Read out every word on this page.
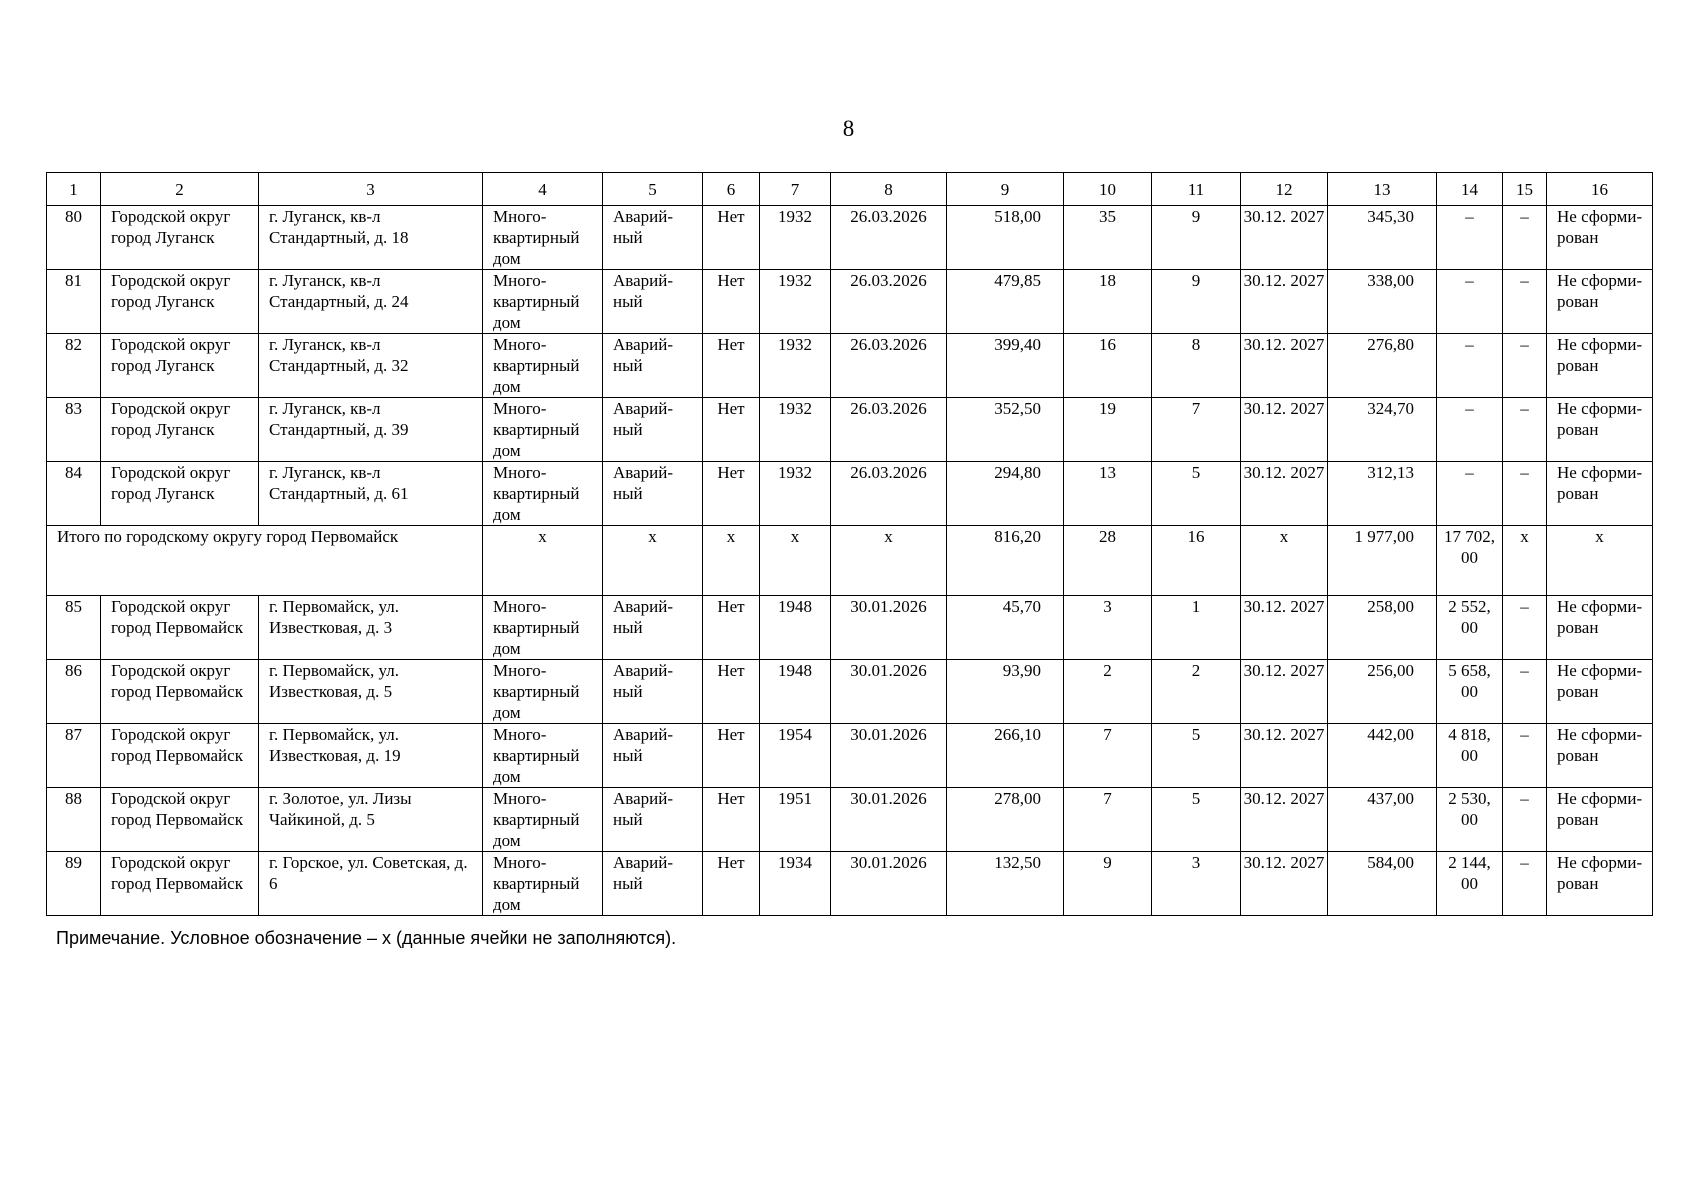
8
1	2	3	4	5	6	7	8	9	10	11	12	13	14	15	16
80	Городской округ город Луганск	г. Луганск, кв-л Стандартный, д. 18	Много-квартирный дом	Аварий-ный	Нет	1932	26.03.2026	518,00	35	9	30.12. 2027	345,30	–	–	Не сформи-рован
81	Городской округ город Луганск	г. Луганск, кв-л Стандартный, д. 24	Много-квартирный дом	Аварий-ный	Нет	1932	26.03.2026	479,85	18	9	30.12. 2027	338,00	–	–	Не сформи-рован
82	Городской округ город Луганск	г. Луганск, кв-л Стандартный, д. 32	Много-квартирный дом	Аварий-ный	Нет	1932	26.03.2026	399,40	16	8	30.12. 2027	276,80	–	–	Не сформи-рован
83	Городской округ город Луганск	г. Луганск, кв-л Стандартный, д. 39	Много-квартирный дом	Аварий-ный	Нет	1932	26.03.2026	352,50	19	7	30.12. 2027	324,70	–	–	Не сформи-рован
84	Городской округ город Луганск	г. Луганск, кв-л Стандартный, д. 61	Много-квартирный дом	Аварий-ный	Нет	1932	26.03.2026	294,80	13	5	30.12. 2027	312,13	–	–	Не сформи-рован
Итого по городскому округу город Первомайск			x	x	x	x	x	816,20	28	16	x	1 977,00	17 702, 00	x	x
85	Городской округ город Первомайск	г. Первомайск, ул. Известковая, д. 3	Много-квартирный дом	Аварий-ный	Нет	1948	30.01.2026	45,70	3	1	30.12. 2027	258,00	2 552, 00	–	Не сформи-рован
86	Городской округ город Первомайск	г. Первомайск, ул. Известковая, д. 5	Много-квартирный дом	Аварий-ный	Нет	1948	30.01.2026	93,90	2	2	30.12. 2027	256,00	5 658, 00	–	Не сформи-рован
87	Городской округ город Первомайск	г. Первомайск, ул. Известковая, д. 19	Много-квартирный дом	Аварий-ный	Нет	1954	30.01.2026	266,10	7	5	30.12. 2027	442,00	4 818, 00	–	Не сформи-рован
88	Городской округ город Первомайск	г. Золотое, ул. Лизы Чайкиной, д. 5	Много-квартирный дом	Аварий-ный	Нет	1951	30.01.2026	278,00	7	5	30.12. 2027	437,00	2 530, 00	–	Не сформи-рован
89	Городской округ город Первомайск	г. Горское, ул. Советская, д. 6	Много-квартирный дом	Аварий-ный	Нет	1934	30.01.2026	132,50	9	3	30.12. 2027	584,00	2 144, 00	–	Не сформи-рован
Примечание. Условное обозначение – х (данные ячейки не заполняются).
